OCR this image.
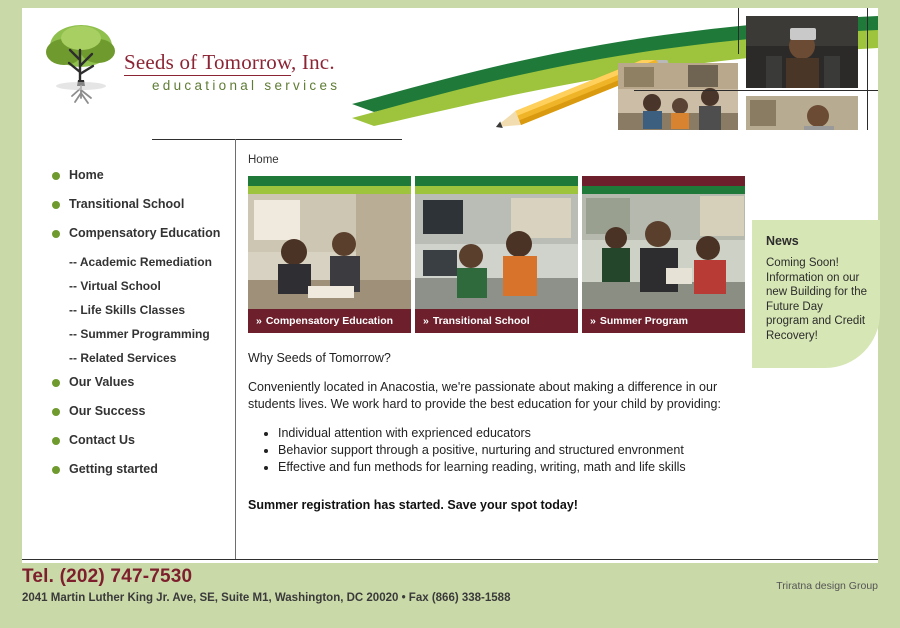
Seeds of Tomorrow, Inc.
educational services
Home
Transitional School
Compensatory Education
-- Academic Remediation
-- Virtual School
-- Life Skills Classes
-- Summer Programming
-- Related Services
Our Values
Our Success
Contact Us
Getting started
Home
» Compensatory Education	» Transitional School	» Summer Program
Why Seeds of Tomorrow?
Conveniently located in Anacostia, we're passionate about making a difference in our students lives. We work hard to provide the best education for your child by providing:
• Individual attention with exprienced educators
• Behavior support through a positive, nurturing and structured envronment
• Effective and fun methods for learning reading, writing, math and life skills
Summer registration has started. Save your spot today!
News

Coming Soon! Information on our new Building for the Future Day program and Credit Recovery!

Tel. (202) 747-7530
2041 Martin Luther King Jr. Ave, SE, Suite M1, Washington, DC 20020 • Fax (866) 338-1588
Triratna design Group
